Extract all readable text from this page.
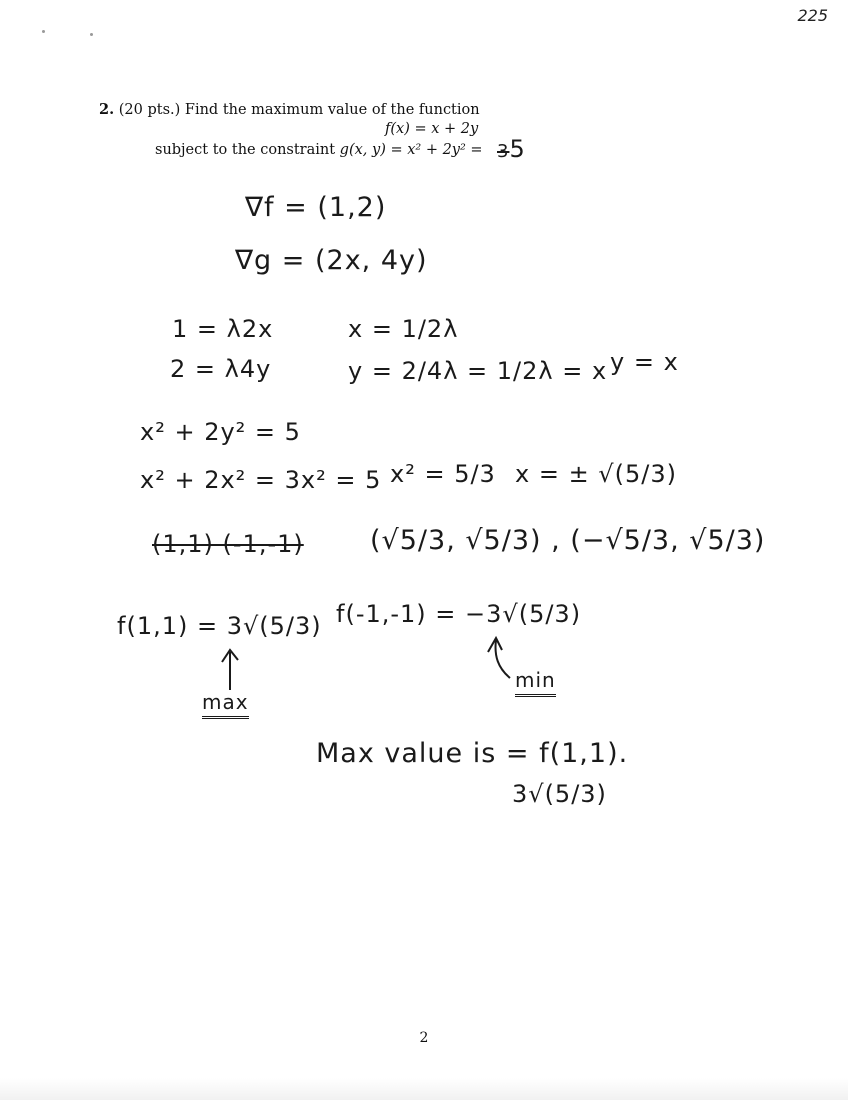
225
2. (20 pts.) Find the maximum value of the function
f(x) = x + 2y
subject to the constraint g(x, y) = x² + 2y² = 35
∇f = (1,2)
∇g = (2x, 4y)
1 = λ2x
2 = λ4y
x = 1/2λ
y = 2/4λ = 1/2λ = x y = x
x² + 2y² = 5
x² + 2x² = 3x² = 5 x² = 5/3 x = ± √(5/3)
(1,1) (-1,-1) (√5/3, √5/3) , (−√5/3, √5/3)
f(1,1) = 3√(5/3) f(-1,-1) = −3√(5/3)
max
min
Max value is = f(1,1).
3√(5/3)
2
